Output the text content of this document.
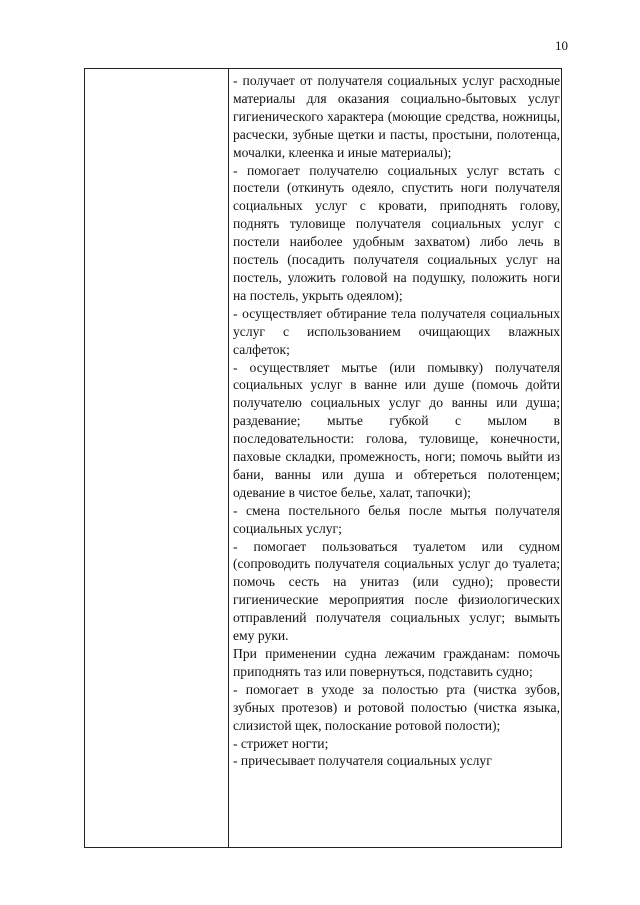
10

- получает от получателя социальных услуг расходные материалы для оказания социально-бытовых услуг гигиенического характера (моющие средства, ножницы, расчески, зубные щетки и пасты, простыни, полотенца, мочалки, клеенка и иные материалы);

- помогает получателю социальных услуг встать с постели (откинуть одеяло, спустить ноги получателя социальных услуг с кровати, приподнять голову, поднять туловище получателя социальных услуг с постели наиболее удобным захватом) либо лечь в постель (посадить получателя социальных услуг на постель, уложить головой на подушку, положить ноги на постель, укрыть одеялом);

- осуществляет обтирание тела получателя социальных услуг с использованием очищающих влажных салфеток;

- осуществляет мытье (или помывку) получателя социальных услуг в ванне или душе (помочь дойти получателю социальных услуг до ванны или душа; раздевание; мытье губкой с мылом в последовательности: голова, туловище, конечности, паховые складки, промежность, ноги; помочь выйти из бани, ванны или душа и обтереться полотенцем; одевание в чистое белье, халат, тапочки);

- смена постельного белья после мытья получателя социальных услуг;

- помогает пользоваться туалетом или судном (сопроводить получателя социальных услуг до туалета; помочь сесть на унитаз (или судно); провести гигиенические мероприятия после физиологических отправлений получателя социальных услуг; вымыть ему руки.

При применении судна лежачим гражданам: помочь приподнять таз или повернуться, подставить судно;

- помогает в уходе за полостью рта (чистка зубов, зубных протезов) и ротовой полостью (чистка языка, слизистой щек, полоскание ротовой полости);

- стрижет ногти;

- причесывает получателя социальных услуг
